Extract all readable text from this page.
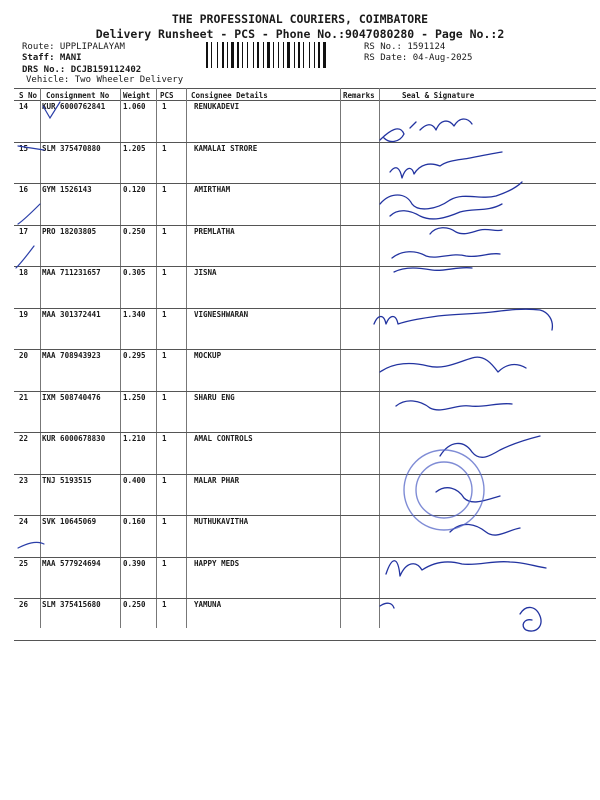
THE PROFESSIONAL COURIERS, COIMBATORE
Delivery Runsheet - PCS - Phone No.:9047080280 - Page No.:2
Route: UPPLIPALAYAM
Staff: MANI
DRS No.: DCJB159112402
Vehicle: Two Wheeler Delivery
RS No.: 1591124
RS Date: 04-Aug-2025
S No Consignment No Weight PCS Consignee Details	Remarks	Seal & Signature
14 KUR 6000762841 1.060 1	RENUKADEVI
15 SLM 375470880	1.205 1	KAMALAI STRORE
16 GYM 1526143	0.120 1	AMIRTHAM
17 PRO 18203805	0.250 1	PREMLATHA
18 MAA 711231657	0.305 1	JISNA
19 MAA 301372441	1.340 1	VIGNESHWARAN
20 MAA 708943923	0.295 1	MOCKUP
21 IXM 508740476	1.250 1	SHARU ENG
22 KUR 6000678830 1.210 1	AMAL CONTROLS
23 TNJ 5193515	0.400 1	MALAR PHAR
24 SVK 10645069	0.160 1	MUTHUKAVITHA
25 MAA 577924694	0.390 1	HAPPY MEDS
26 SLM 375415680	0.250 1	YAMUNA
